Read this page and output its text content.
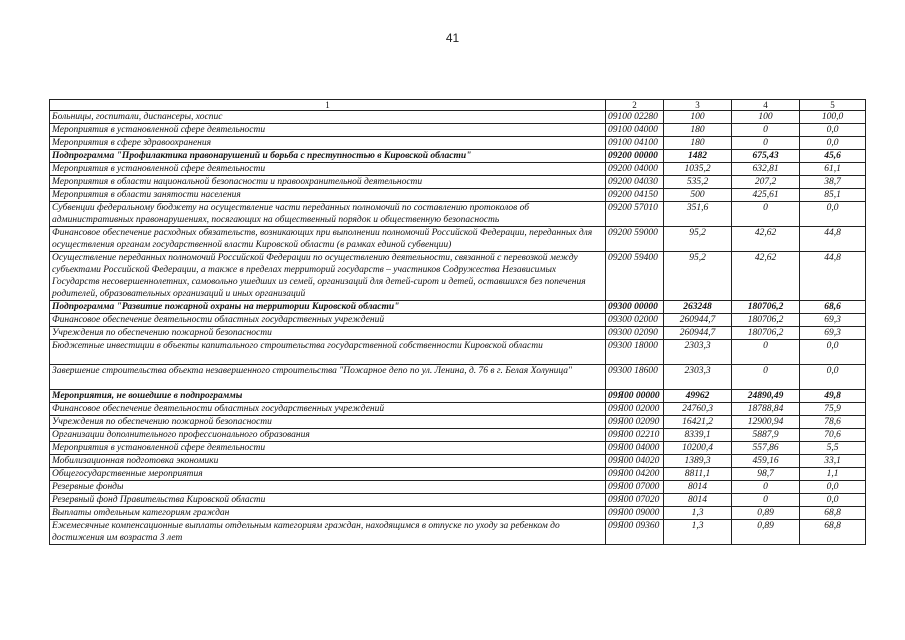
41
1	2	3	4	5
Больницы, госпитали, диспансеры, хоспис	09100 02280	100	100	100,0
Мероприятия в установленной сфере деятельности	09100 04000	180	0	0,0
Мероприятия в сфере здравоохранения	09100 04100	180	0	0,0
Подпрограмма "Профилактика правонарушений и борьба с преступностью в Кировской области"	09200 00000	1482	675,43	45,6
Мероприятия в установленной сфере деятельности	09200 04000	1035,2	632,81	61,1
Мероприятия в области национальной безопасности и правоохранительной деятельности	09200 04030	535,2	207,2	38,7
Мероприятия в области занятости населения	09200 04150	500	425,61	85,1
Субвенции федеральному бюджету на осуществление части переданных полномочий по составлению протоколов об административных правонарушениях, посягающих на общественный порядок и общественную безопасность	09200 57010	351,6	0	0,0
Финансовое обеспечение расходных обязательств, возникающих при выполнении полномочий Российской Федерации, переданных для осуществления органам государственной власти Кировской области (в рамках единой субвенции)	09200 59000	95,2	42,62	44,8
Осуществление переданных полномочий Российской Федерации по осуществлению деятельности, связанной с перевозкой между субъектами Российской Федерации, а также в пределах территорий государств – участников Содружества Независимых Государств несовершеннолетних, самовольно ушедших из семей, организаций для детей-сирот и детей, оставшихся без попечения родителей, образовательных организаций и иных организаций	09200 59400	95,2	42,62	44,8
Подпрограмма "Развитие пожарной охраны на территории Кировской области"	09300 00000	263248	180706,2	68,6
Финансовое обеспечение деятельности областных государственных учреждений	09300 02000	260944,7	180706,2	69,3
Учреждения по обеспечению пожарной безопасности	09300 02090	260944,7	180706,2	69,3
Бюджетные инвестиции в объекты капитального строительства государственной собственности Кировской области	09300 18000	2303,3	0	0,0
Завершение строительства объекта незавершенного строительства "Пожарное депо по ул. Ленина, д. 76 в г. Белая Холуница"	09300 18600	2303,3	0	0,0
Мероприятия, не вошедшие в подпрограммы	09Я00 00000	49962	24890,49	49,8
Финансовое обеспечение деятельности областных государственных учреждений	09Я00 02000	24760,3	18788,84	75,9
Учреждения по обеспечению пожарной безопасности	09Я00 02090	16421,2	12900,94	78,6
Организации дополнительного профессионального образования	09Я00 02210	8339,1	5887,9	70,6
Мероприятия в установленной сфере деятельности	09Я00 04000	10200,4	557,86	5,5
Мобилизационная подготовка экономики	09Я00 04020	1389,3	459,16	33,1
Общегосударственные мероприятия	09Я00 04200	8811,1	98,7	1,1
Резервные фонды	09Я00 07000	8014	0	0,0
Резервный фонд Правительства Кировской области	09Я00 07020	8014	0	0,0
Выплаты отдельным категориям граждан	09Я00 09000	1,3	0,89	68,8
Ежемесячные компенсационные выплаты отдельным категориям граждан, находящимся в отпуске по уходу за ребенком до достижения им возраста 3 лет	09Я00 09360	1,3	0,89	68,8
